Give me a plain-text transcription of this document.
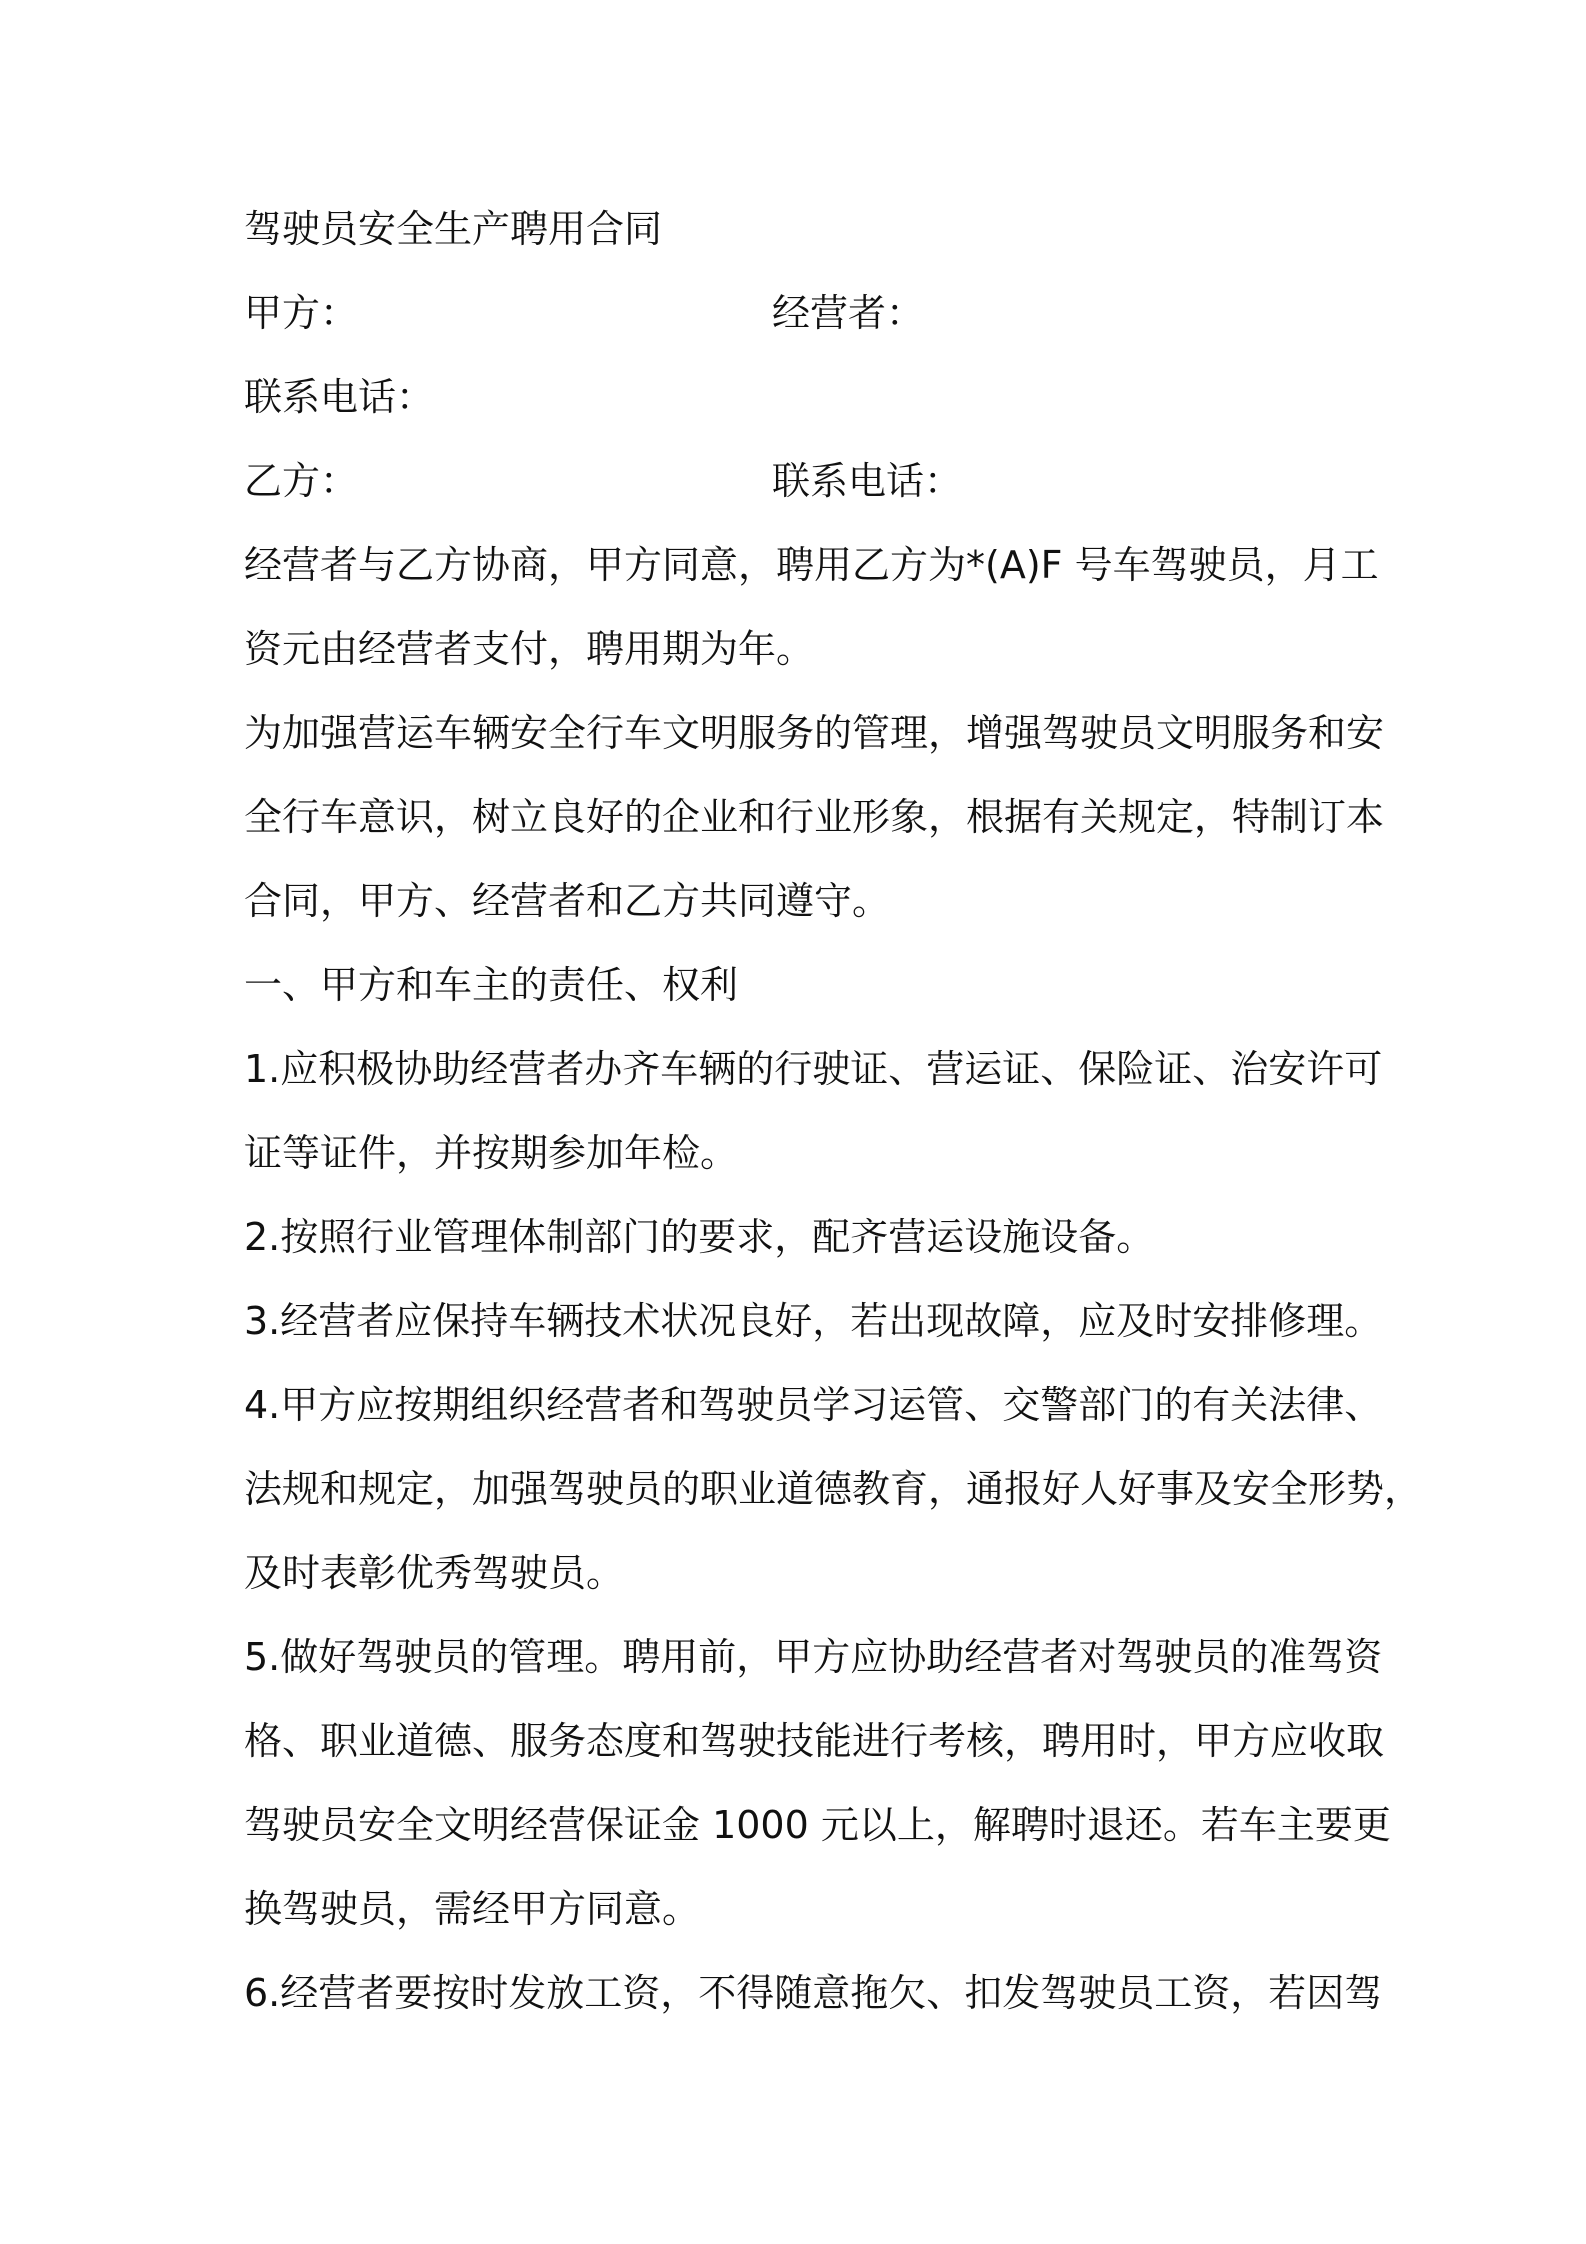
驾驶员安全生产聘用合同
甲方：	经营者：
联系电话：
乙方：	联系电话：
经营者与乙方协商，甲方同意，聘用乙方为*(A)F 号车驾驶员，月工
资元由经营者支付，聘用期为年。
为加强营运车辆安全行车文明服务的管理，增强驾驶员文明服务和安
全行车意识，树立良好的企业和行业形象，根据有关规定，特制订本
合同，甲方、经营者和乙方共同遵守。
一、甲方和车主的责任、权利
1.应积极协助经营者办齐车辆的行驶证、营运证、保险证、治安许可
证等证件，并按期参加年检。
2.按照行业管理体制部门的要求，配齐营运设施设备。
3.经营者应保持车辆技术状况良好，若出现故障，应及时安排修理。
4.甲方应按期组织经营者和驾驶员学习运管、交警部门的有关法律、
法规和规定，加强驾驶员的职业道德教育，通报好人好事及安全形势，
及时表彰优秀驾驶员。
5.做好驾驶员的管理。聘用前，甲方应协助经营者对驾驶员的准驾资
格、职业道德、服务态度和驾驶技能进行考核，聘用时，甲方应收取
驾驶员安全文明经营保证金 1000 元以上，解聘时退还。若车主要更
换驾驶员，需经甲方同意。
6.经营者要按时发放工资，不得随意拖欠、扣发驾驶员工资，若因驾
